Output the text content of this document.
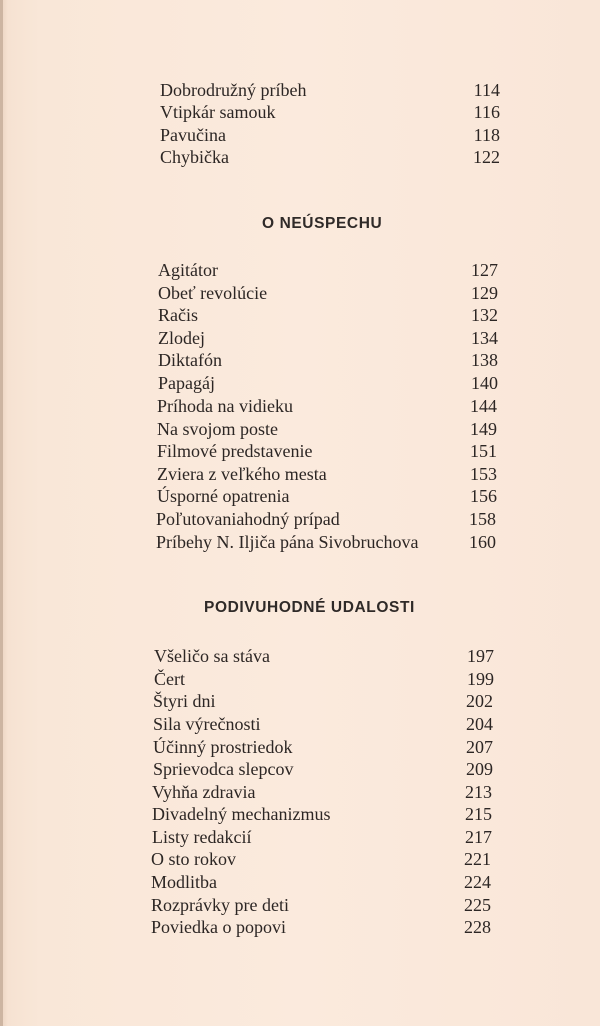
Dobrodružný príbeh	114
Vtipkár samouk	116
Pavučina	118
Chybička	122
O NEÚSPECHU
Agitátor	127
Obeť revolúcie	129
Račis	132
Zlodej	134
Diktafón	138
Papagáj	140
Príhoda na vidieku	144
Na svojom poste	149
Filmové predstavenie	151
Zviera z veľkého mesta	153
Úsporné opatrenia	156
Poľutovaniahodný prípad	158
Príbehy N. Iljiča pána Sivobruchova	160
PODIVUHODNÉ UDALOSTI
Všeličo sa stáva	197
Čert	199
Štyri dni	202
Sila výrečnosti	204
Účinný prostriedok	207
Sprievodca slepcov	209
Vyhňa zdravia	213
Divadelný mechanizmus	215
Listy redakcií	217
O sto rokov	221
Modlitba	224
Rozprávky pre deti	225
Poviedka o popovi	228
